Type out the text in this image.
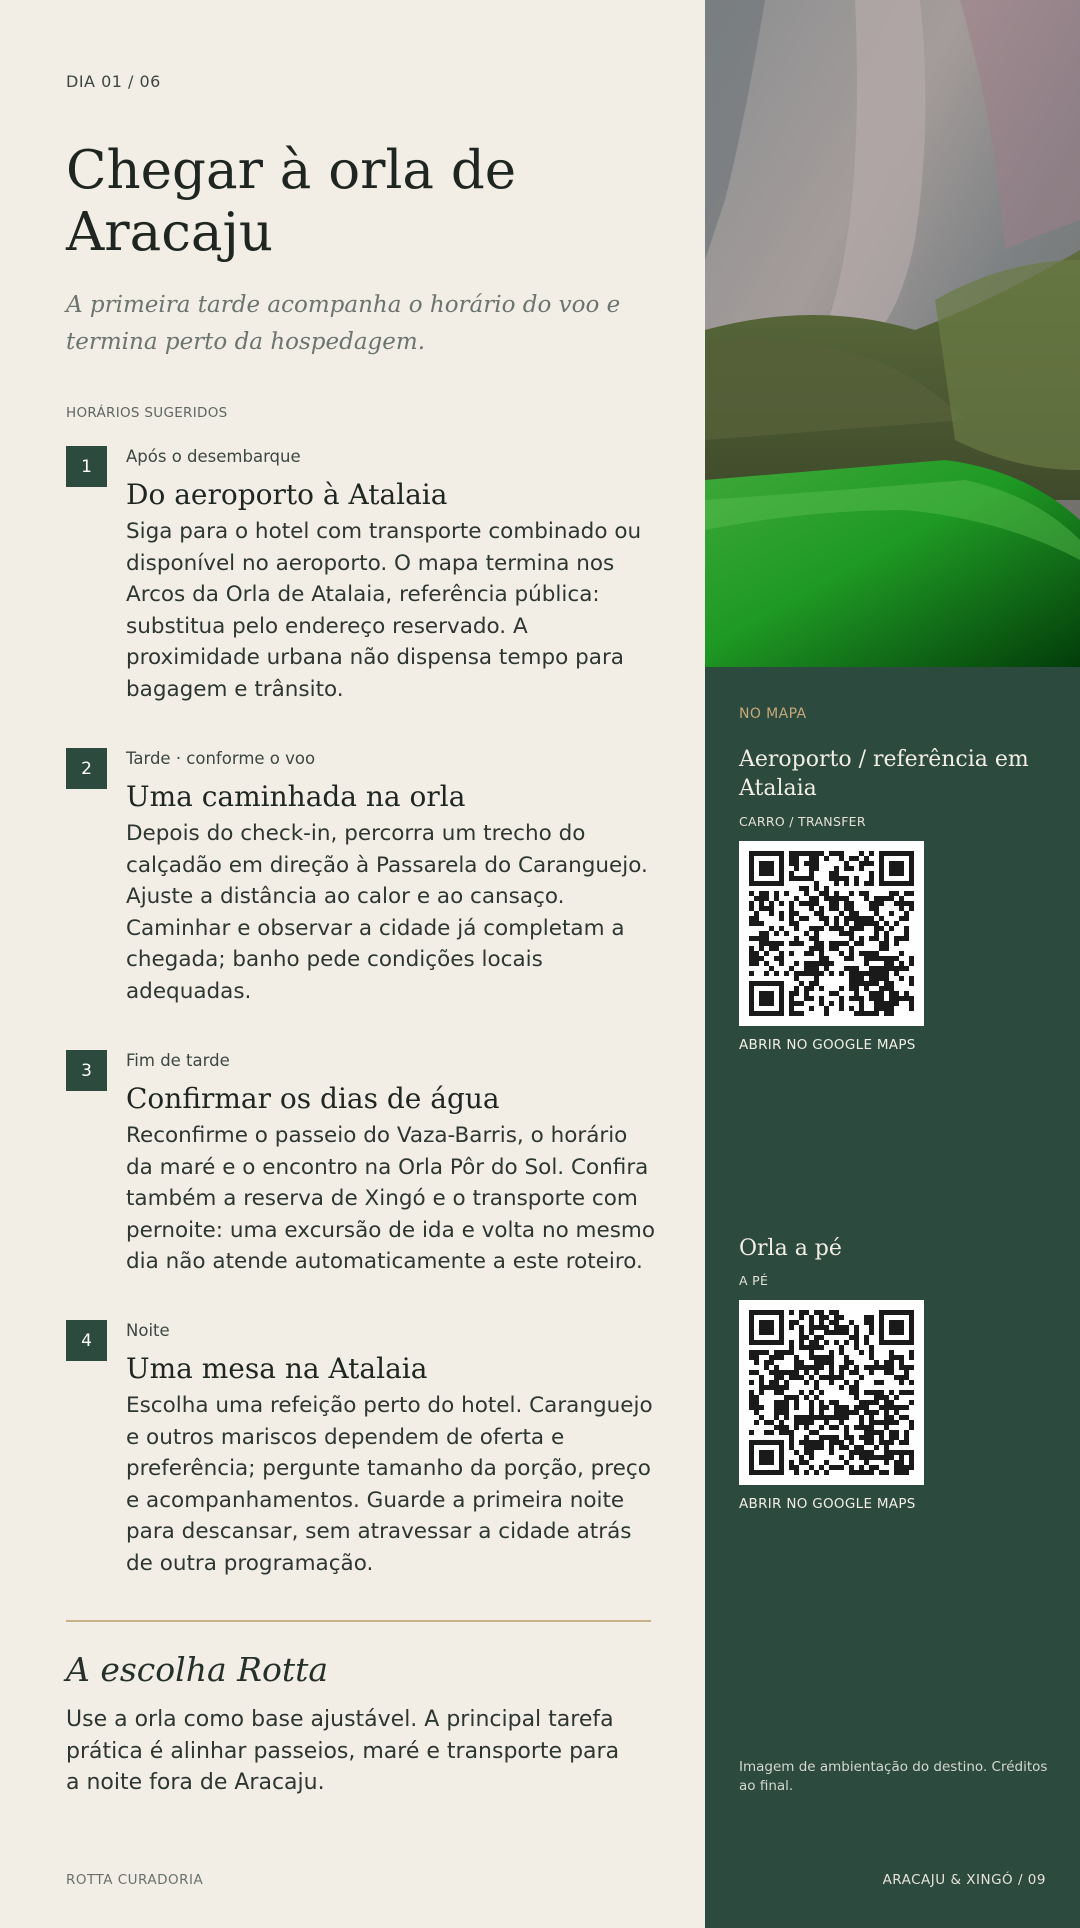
DIA 01 / 06
Chegar à orla de Aracaju
A primeira tarde acompanha o horário do voo e termina perto da hospedagem.
HORÁRIOS SUGERIDOS
1	Após o desembarque
Do aeroporto à Atalaia
Siga para o hotel com transporte combinado ou disponível no aeroporto. O mapa termina nos Arcos da Orla de Atalaia, referência pública: substitua pelo endereço reservado. A proximidade urbana não dispensa tempo para bagagem e trânsito.
2	Tarde · conforme o voo
Uma caminhada na orla
Depois do check-in, percorra um trecho do calçadão em direção à Passarela do Caranguejo. Ajuste a distância ao calor e ao cansaço. Caminhar e observar a cidade já completam a chegada; banho pede condições locais adequadas.
3	Fim de tarde
Confirmar os dias de água
Reconfirme o passeio do Vaza-Barris, o horário da maré e o encontro na Orla Pôr do Sol. Confira também a reserva de Xingó e o transporte com pernoite: uma excursão de ida e volta no mesmo dia não atende automaticamente a este roteiro.
4	Noite
Uma mesa na Atalaia
Escolha uma refeição perto do hotel. Caranguejo e outros mariscos dependem de oferta e preferência; pergunte tamanho da porção, preço e acompanhamentos. Guarde a primeira noite para descansar, sem atravessar a cidade atrás de outra programação.
A escolha Rotta
Use a orla como base ajustável. A principal tarefa prática é alinhar passeios, maré e transporte para a noite fora de Aracaju.
ROTTA CURADORIA
NO MAPA
Aeroporto / referência em Atalaia
CARRO / TRANSFER
ABRIR NO GOOGLE MAPS
Orla a pé
A PÉ
ABRIR NO GOOGLE MAPS
Imagem de ambientação do destino. Créditos ao final.
ARACAJU & XINGÓ / 09
